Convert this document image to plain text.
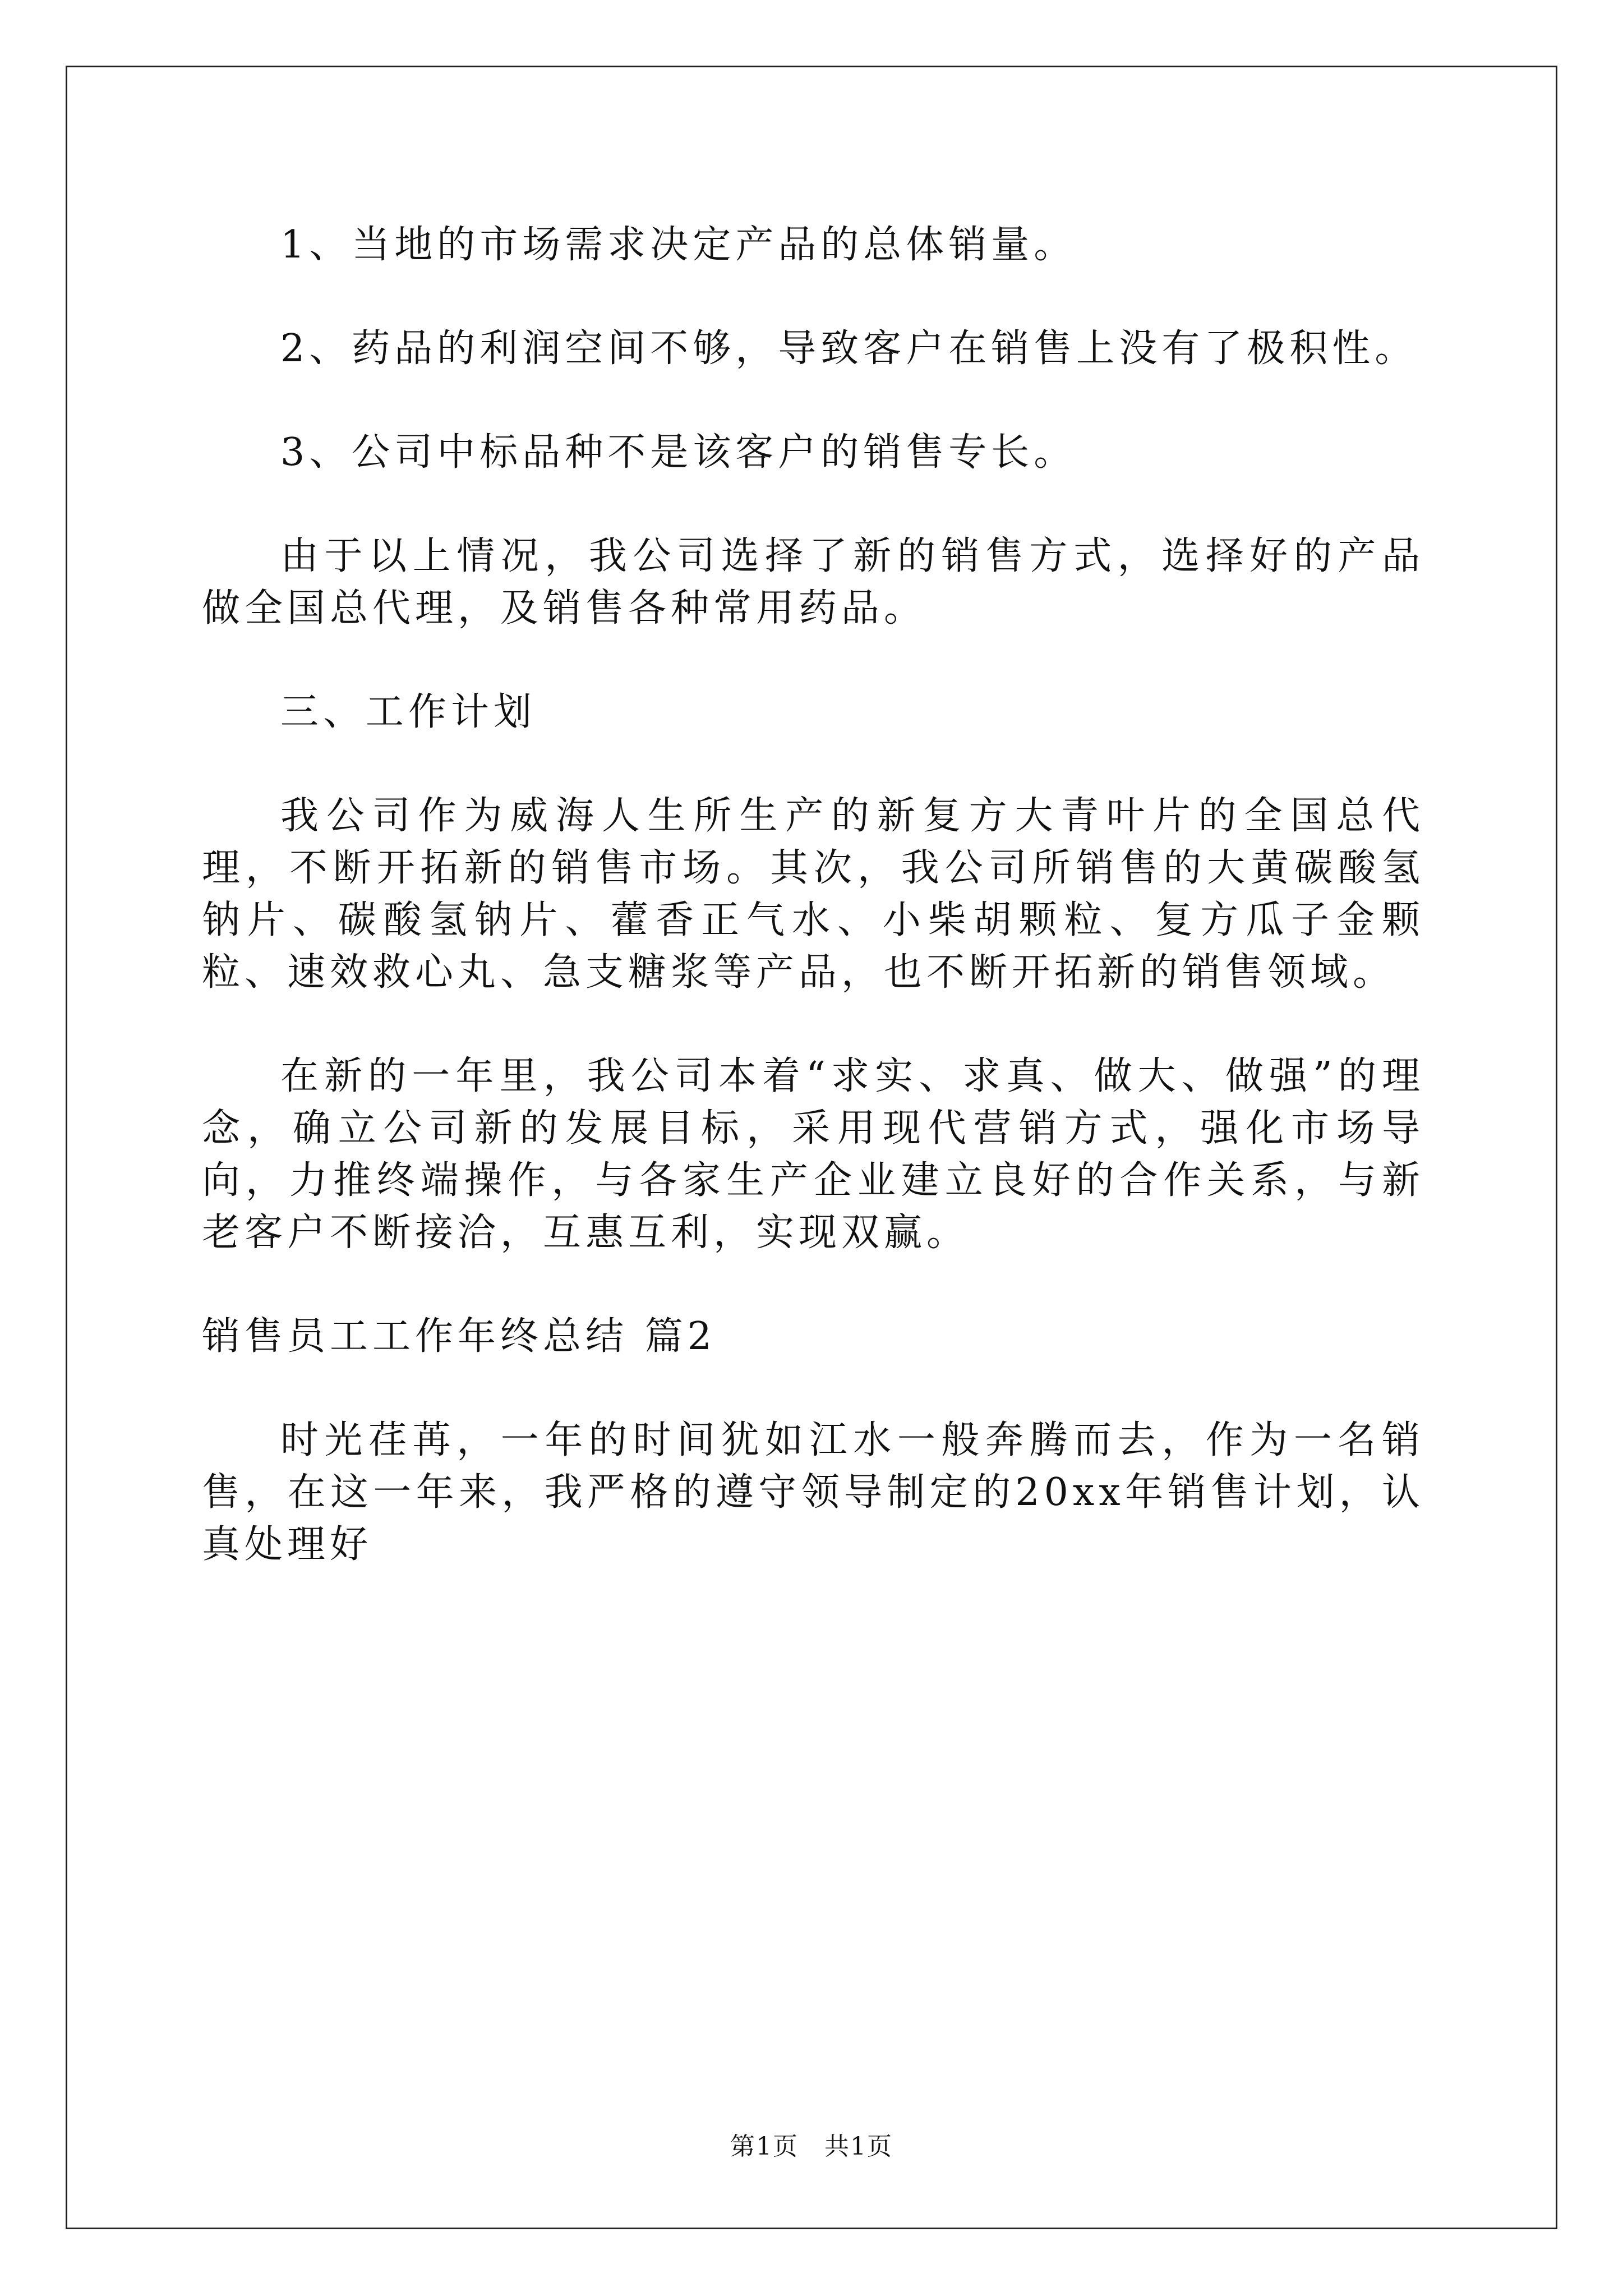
1、当地的市场需求决定产品的总体销量。

2、药品的利润空间不够，导致客户在销售上没有了极积性。

3、公司中标品种不是该客户的销售专长。

由于以上情况，我公司选择了新的销售方式，选择好的产品做全国总代理，及销售各种常用药品。

三、工作计划

我公司作为威海人生所生产的新复方大青叶片的全国总代理，不断开拓新的销售市场。其次，我公司所销售的大黄碳酸氢钠片、碳酸氢钠片、藿香正气水、小柴胡颗粒、复方瓜子金颗粒、速效救心丸、急支糖浆等产品，也不断开拓新的销售领域。

在新的一年里，我公司本着“求实、求真、做大、做强”的理念，确立公司新的发展目标，采用现代营销方式，强化市场导向，力推终端操作，与各家生产企业建立良好的合作关系，与新老客户不断接洽，互惠互利，实现双赢。

销售员工工作年终总结 篇2

时光荏苒，一年的时间犹如江水一般奔腾而去，作为一名销售，在这一年来，我严格的遵守领导制定的20xx年销售计划，认真处理好

第1页　共1页
